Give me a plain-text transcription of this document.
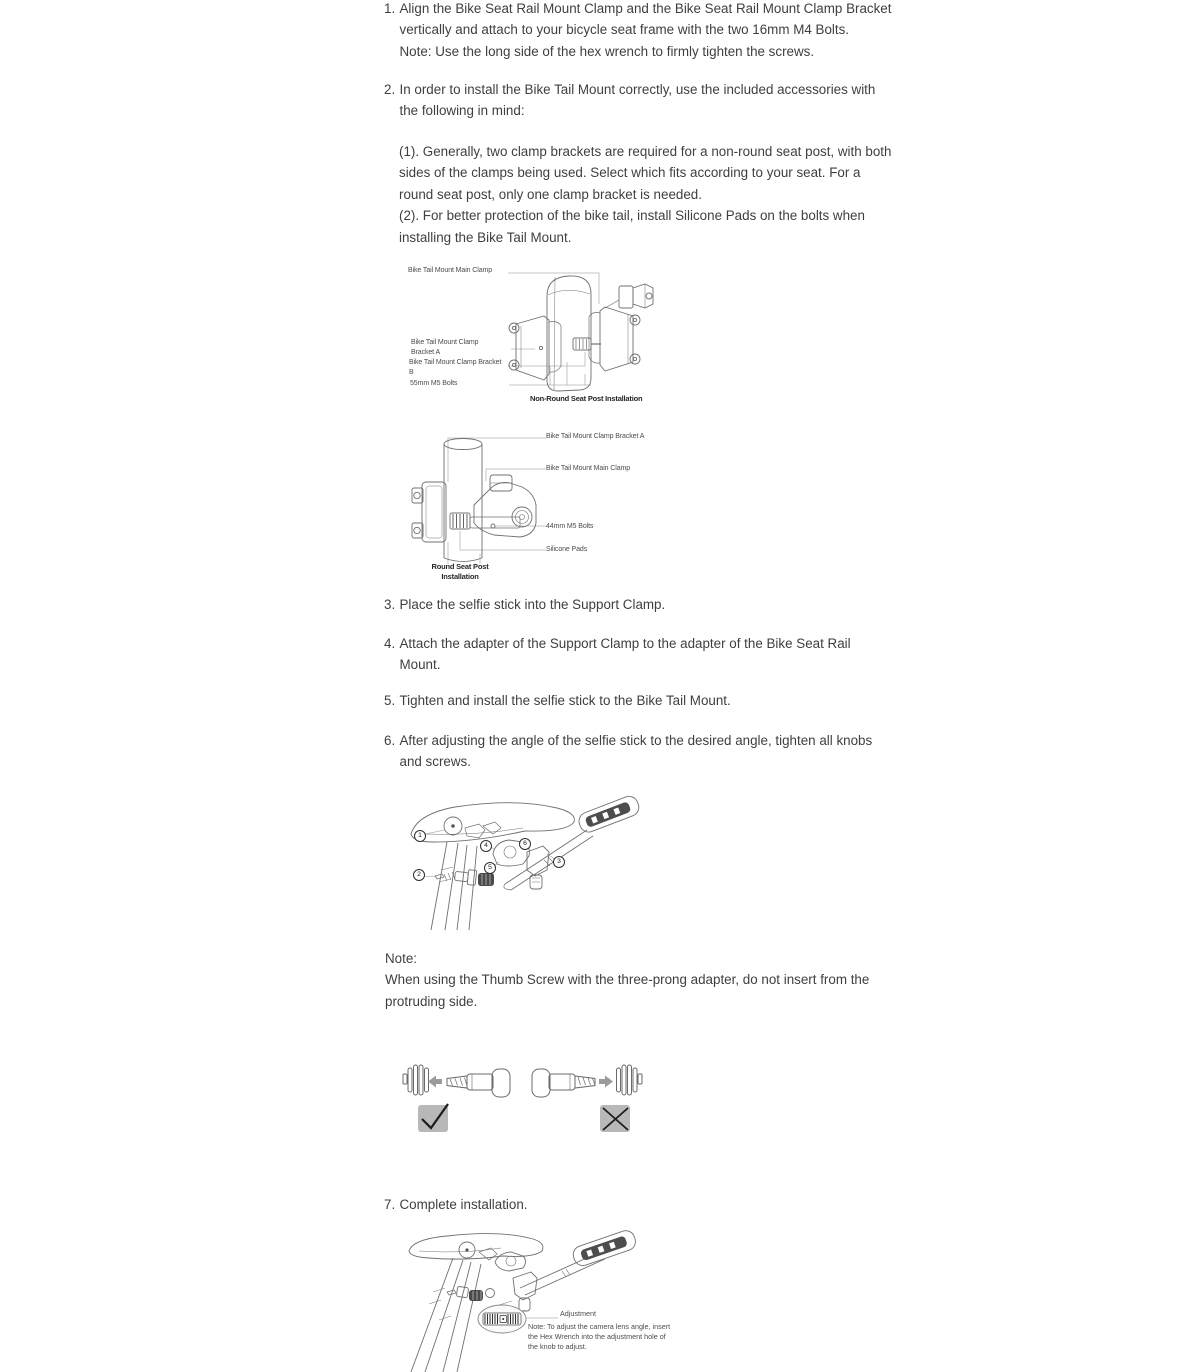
1. Align the Bike Seat Rail Mount Clamp and the Bike Seat Rail Mount Clamp Bracket
vertically and attach to your bicycle seat frame with the two 16mm M4 Bolts.
Note: Use the long side of the hex wrench to firmly tighten the screws.
2. In order to install the Bike Tail Mount correctly, use the included accessories with
the following in mind:
(1). Generally, two clamp brackets are required for a non-round seat post, with both
sides of the clamps being used. Select which fits according to your seat. For a
round seat post, only one clamp bracket is needed.
(2). For better protection of the bike tail, install Silicone Pads on the bolts when
installing the Bike Tail Mount.
Bike Tail Mount Main Clamp
Bike Tail Mount Clamp
Bracket A
Bike Tail Mount Clamp Bracket
B
55mm M5 Bolts
Non-Round Seat Post Installation
Bike Tail Mount Clamp Bracket A
Bike Tail Mount Main Clamp
44mm M5 Bolts
Silicone Pads
Round Seat Post
Installation
3. Place the selfie stick into the Support Clamp.
4. Attach the adapter of the Support Clamp to the adapter of the Bike Seat Rail
Mount.
5. Tighten and install the selfie stick to the Bike Tail Mount.
6. After adjusting the angle of the selfie stick to the desired angle, tighten all knobs
and screws.
1
2
3
4
5
6
Note:
When using the Thumb Screw with the three-prong adapter, do not insert from the
protruding side.
7. Complete installation.
Adjustment
Note: To adjust the camera lens angle, insert
the Hex Wrench into the adjustment hole of
the knob to adjust.
